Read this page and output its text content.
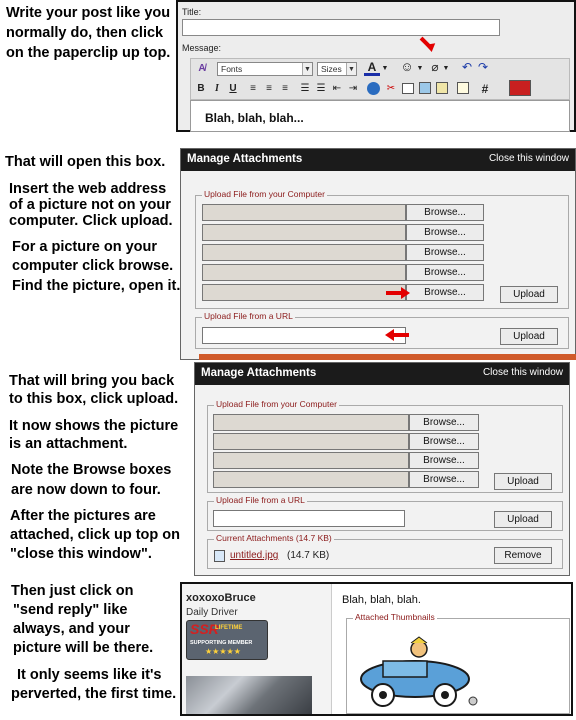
Write your post like you
normally do, then click
on the paperclip up top.
That will open this box.
Insert the web address
of a picture not on your
computer. Click upload.
For a picture on your
computer click browse.
Find the picture, open it.
That will bring you back
to this box, click upload.
It now shows the picture
is an attachment.
Note the Browse boxes
are now down to four.
After the pictures are
attached, click up top on
"close this window".
Then just click on
"send reply" like
always, and your
picture will be there.
It only seems like it's
perverted, the first time.
Title:
Message:
A̸	Fonts	▼	Sizes ▼	A ▼ ☺ ▼ ⌀ ▼ ↶ ↷
B	I	U	≡	≡	≡	☰ ☰ ⇤ ⇥	·	✂	#
Blah, blah, blah...
Manage Attachments	Close this window
Upload File from your Computer
Browse...
Browse...
Browse...
Browse...
Browse...	Upload
Upload File from a URL
Upload
Manage Attachments	Close this window
Upload File from your Computer
Browse...
Browse...
Browse...
Browse...	Upload
Upload File from a URL
Upload
Current Attachments (14.7 KB)
untitled.jpg (14.7 KB)	Remove
xoxoxoBruce
Daily Driver
SSR
LIFETIME
SUPPORTING MEMBER
★★★★★
Blah, blah, blah.
Attached Thumbnails
